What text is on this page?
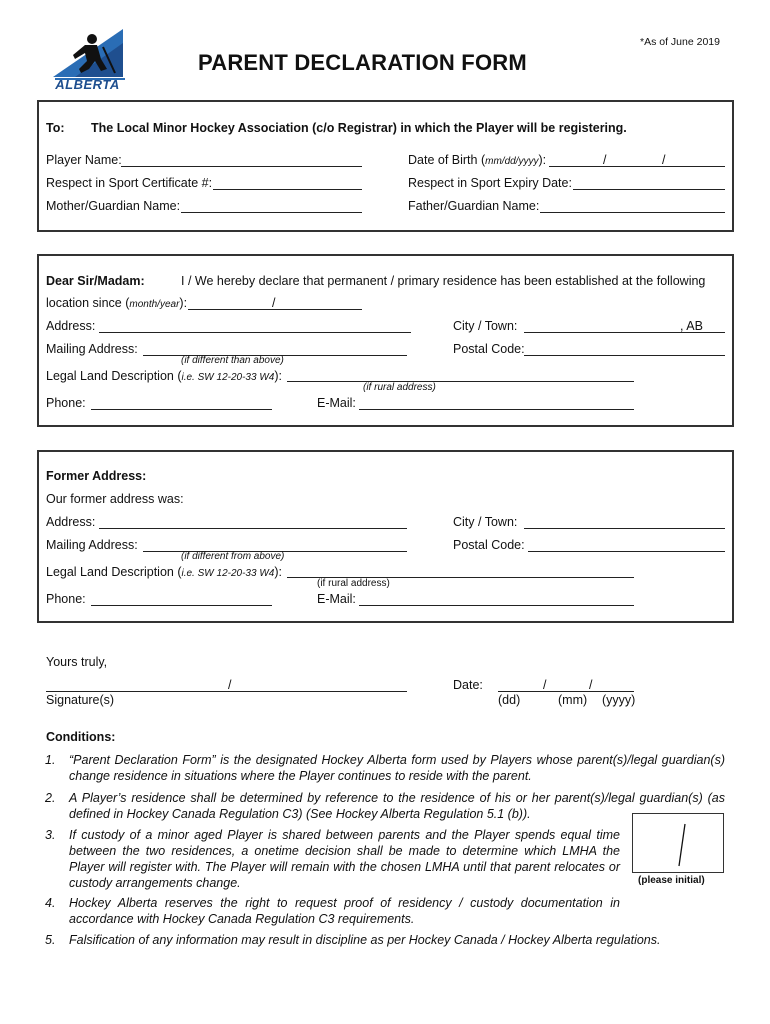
ALBERTA
*As of June 2019
PARENT DECLARATION FORM
To: The Local Minor Hockey Association (c/o Registrar) in which the Player will be registering.
Player Name:	Date of Birth (mm/dd/yyyy):	/	/
Respect in Sport Certificate #:	Respect in Sport Expiry Date:
Mother/Guardian Name:	Father/Guardian Name:
Dear Sir/Madam:	I / We hereby declare that permanent / primary residence has been established at the following
location since (month/year):	/
Address:	City / Town:	, AB
Mailing Address:	Postal Code:
(if different than above)
Legal Land Description (i.e. SW 12-20-33 W4):
(if rural address)
Phone:	E-Mail:
Former Address:
Our former address was:
Address:	City / Town:
Mailing Address:	Postal Code:
(if different from above)
Legal Land Description (i.e. SW 12-20-33 W4):
(if rural address)
Phone:	E-Mail:
Yours truly,
/
Signature(s)
Date:	/	/
(dd)	(mm) (yyyy)
Conditions:
1. “Parent Declaration Form” is the designated Hockey Alberta form used by Players whose parent(s)/legal guardian(s) change residence in situations where the Player continues to reside with the parent.
2. A Player’s residence shall be determined by reference to the residence of his or her parent(s)/legal guardian(s) (as defined in Hockey Canada Regulation C3) (See Hockey Alberta Regulation 5.1 (b)).
3. If custody of a minor aged Player is shared between parents and the Player spends equal time between the two residences, a onetime decision shall be made to determine which LMHA the Player will register with. The Player will remain with the chosen LMHA until that parent relocates or custody arrangements change.
4. Hockey Alberta reserves the right to request proof of residency / custody documentation in accordance with Hockey Canada Regulation C3 requirements.
5. Falsification of any information may result in discipline as per Hockey Canada / Hockey Alberta regulations.
(please initial)
